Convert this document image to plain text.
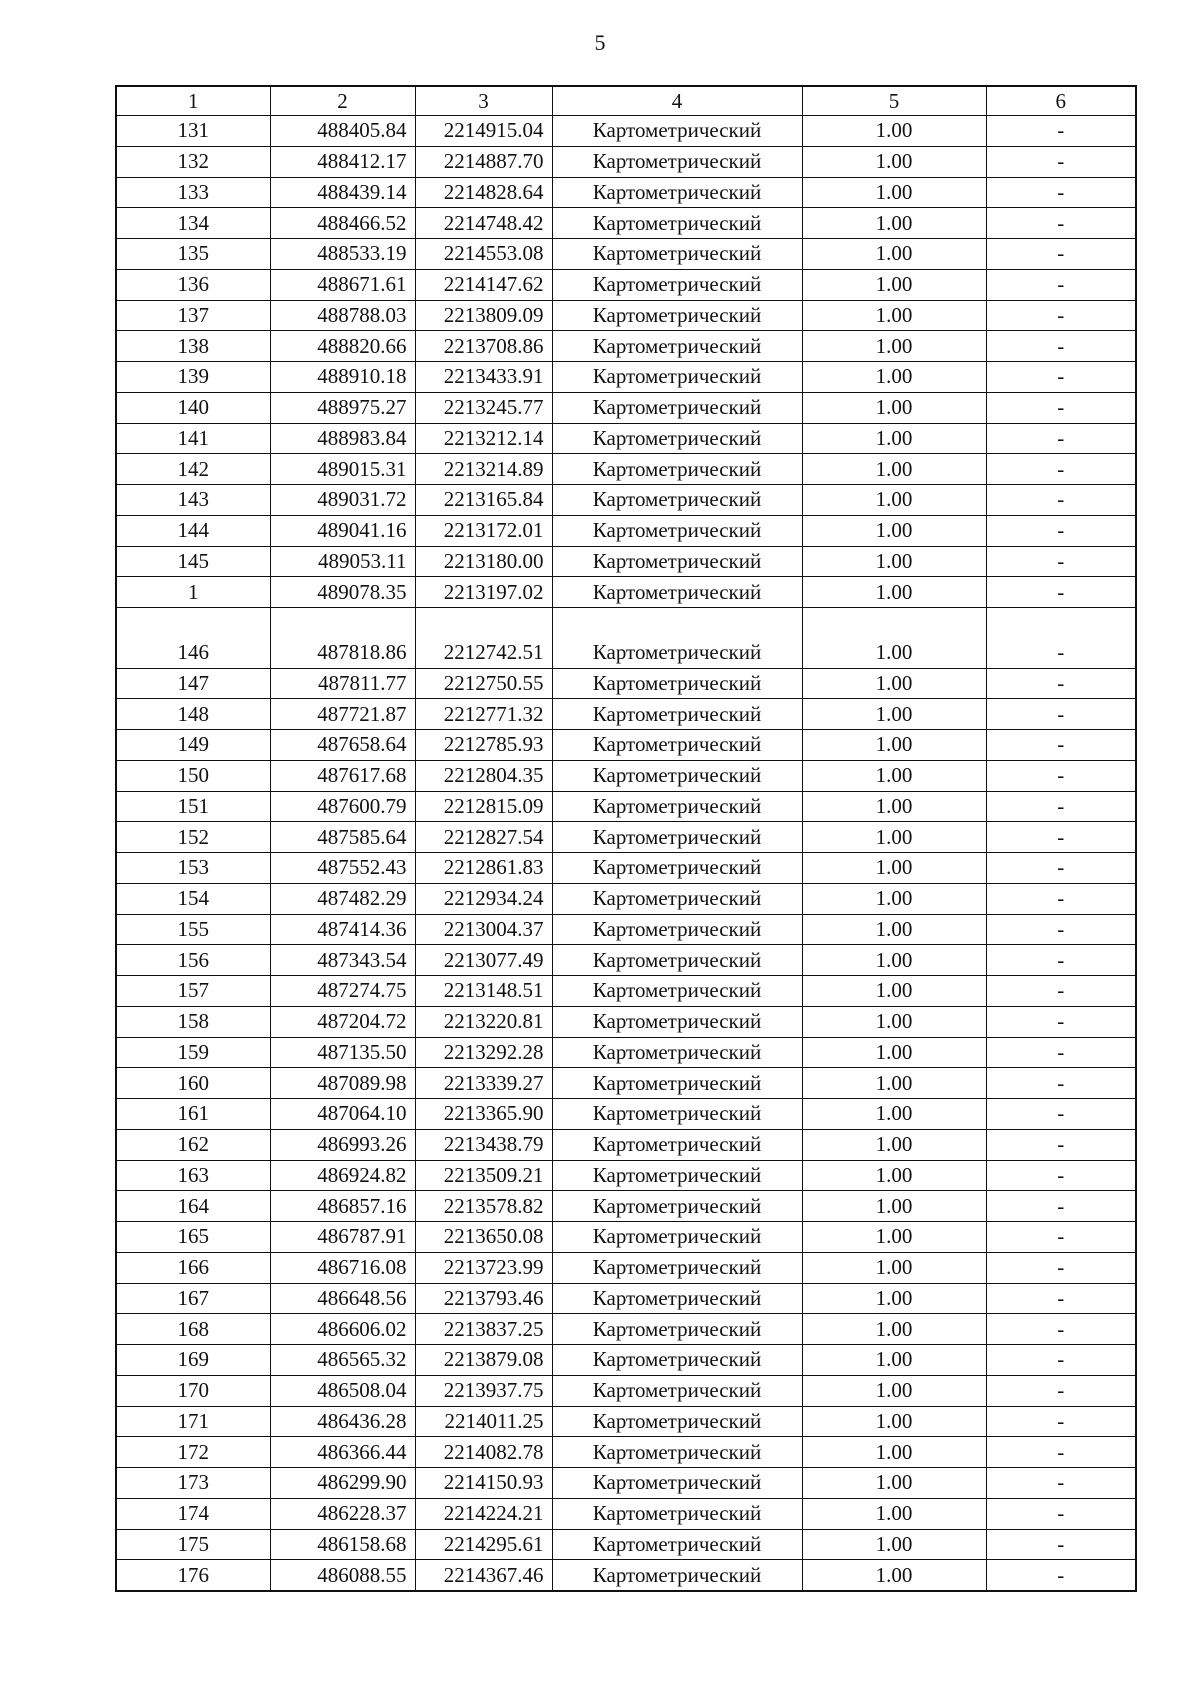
5
1	2	3	4	5	6
131	488405.84	2214915.04	Картометрический	1.00	-
132	488412.17	2214887.70	Картометрический	1.00	-
133	488439.14	2214828.64	Картометрический	1.00	-
134	488466.52	2214748.42	Картометрический	1.00	-
135	488533.19	2214553.08	Картометрический	1.00	-
136	488671.61	2214147.62	Картометрический	1.00	-
137	488788.03	2213809.09	Картометрический	1.00	-
138	488820.66	2213708.86	Картометрический	1.00	-
139	488910.18	2213433.91	Картометрический	1.00	-
140	488975.27	2213245.77	Картометрический	1.00	-
141	488983.84	2213212.14	Картометрический	1.00	-
142	489015.31	2213214.89	Картометрический	1.00	-
143	489031.72	2213165.84	Картометрический	1.00	-
144	489041.16	2213172.01	Картометрический	1.00	-
145	489053.11	2213180.00	Картометрический	1.00	-
1	489078.35	2213197.02	Картометрический	1.00	-

146	487818.86	2212742.51	Картометрический	1.00	-
147	487811.77	2212750.55	Картометрический	1.00	-
148	487721.87	2212771.32	Картометрический	1.00	-
149	487658.64	2212785.93	Картометрический	1.00	-
150	487617.68	2212804.35	Картометрический	1.00	-
151	487600.79	2212815.09	Картометрический	1.00	-
152	487585.64	2212827.54	Картометрический	1.00	-
153	487552.43	2212861.83	Картометрический	1.00	-
154	487482.29	2212934.24	Картометрический	1.00	-
155	487414.36	2213004.37	Картометрический	1.00	-
156	487343.54	2213077.49	Картометрический	1.00	-
157	487274.75	2213148.51	Картометрический	1.00	-
158	487204.72	2213220.81	Картометрический	1.00	-
159	487135.50	2213292.28	Картометрический	1.00	-
160	487089.98	2213339.27	Картометрический	1.00	-
161	487064.10	2213365.90	Картометрический	1.00	-
162	486993.26	2213438.79	Картометрический	1.00	-
163	486924.82	2213509.21	Картометрический	1.00	-
164	486857.16	2213578.82	Картометрический	1.00	-
165	486787.91	2213650.08	Картометрический	1.00	-
166	486716.08	2213723.99	Картометрический	1.00	-
167	486648.56	2213793.46	Картометрический	1.00	-
168	486606.02	2213837.25	Картометрический	1.00	-
169	486565.32	2213879.08	Картометрический	1.00	-
170	486508.04	2213937.75	Картометрический	1.00	-
171	486436.28	2214011.25	Картометрический	1.00	-
172	486366.44	2214082.78	Картометрический	1.00	-
173	486299.90	2214150.93	Картометрический	1.00	-
174	486228.37	2214224.21	Картометрический	1.00	-
175	486158.68	2214295.61	Картометрический	1.00	-
176	486088.55	2214367.46	Картометрический	1.00	-
